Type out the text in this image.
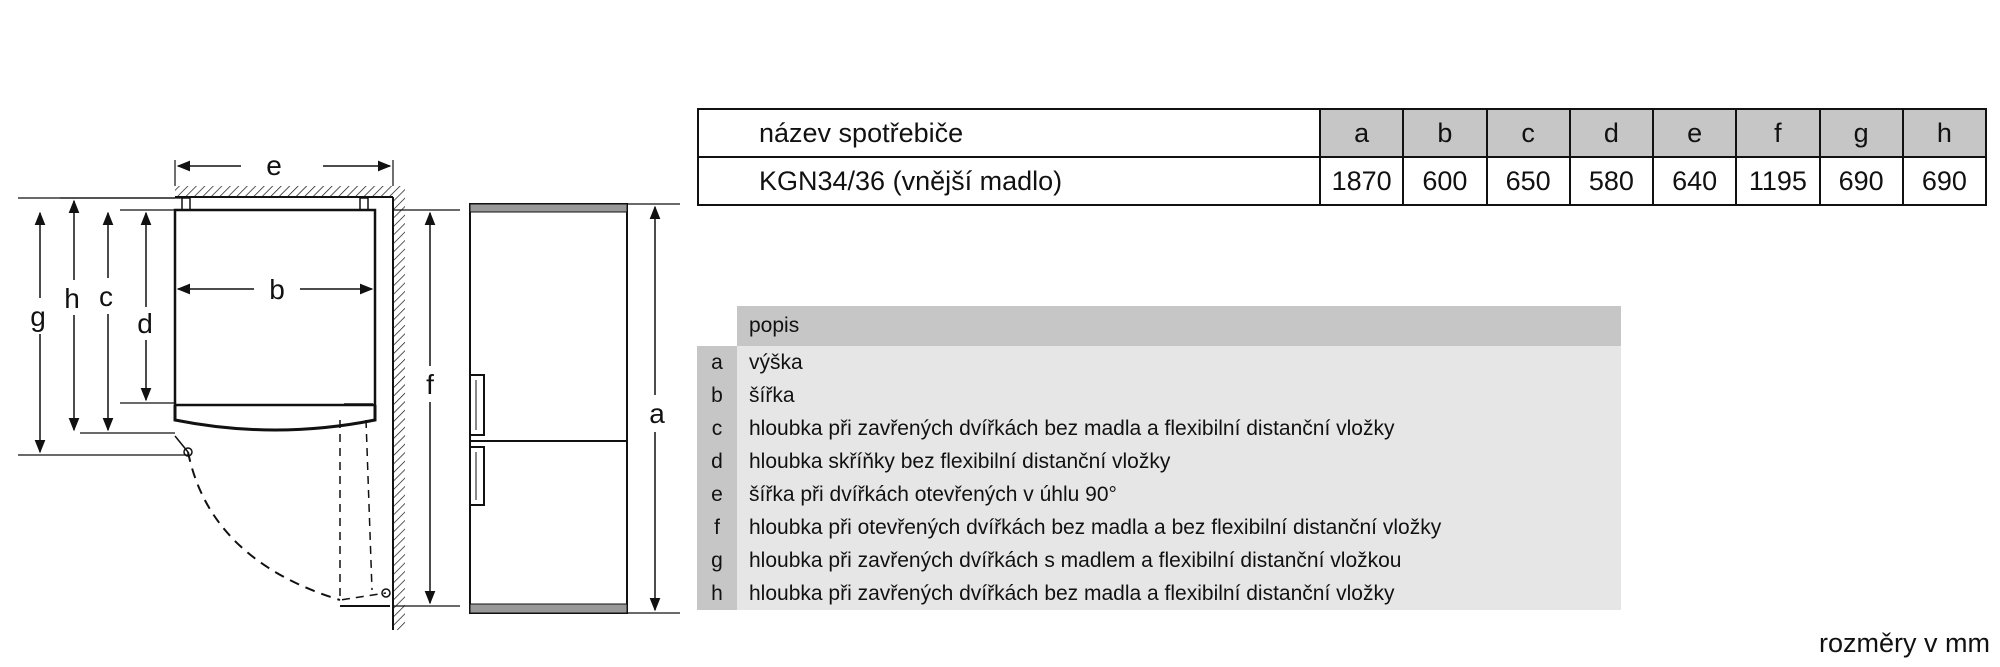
e
b
g
h c
d
f
a
název spotřebiče	a	b	c	d	e	f	g	h
KGN34/36 (vnější madlo)	1870	600	650	580	640	1195	690	690
	popis
a	výška
b	šířka
c	hloubka při zavřených dvířkách bez madla a flexibilní distanční vložky
d	hloubka skříňky bez flexibilní distanční vložky
e	šířka při dvířkách otevřených v úhlu 90°
f	hloubka při otevřených dvířkách bez madla a bez flexibilní distanční vložky
g	hloubka při zavřených dvířkách s madlem a flexibilní distanční vložkou
h	hloubka při zavřených dvířkách bez madla a flexibilní distanční vložky
rozměry v mm
